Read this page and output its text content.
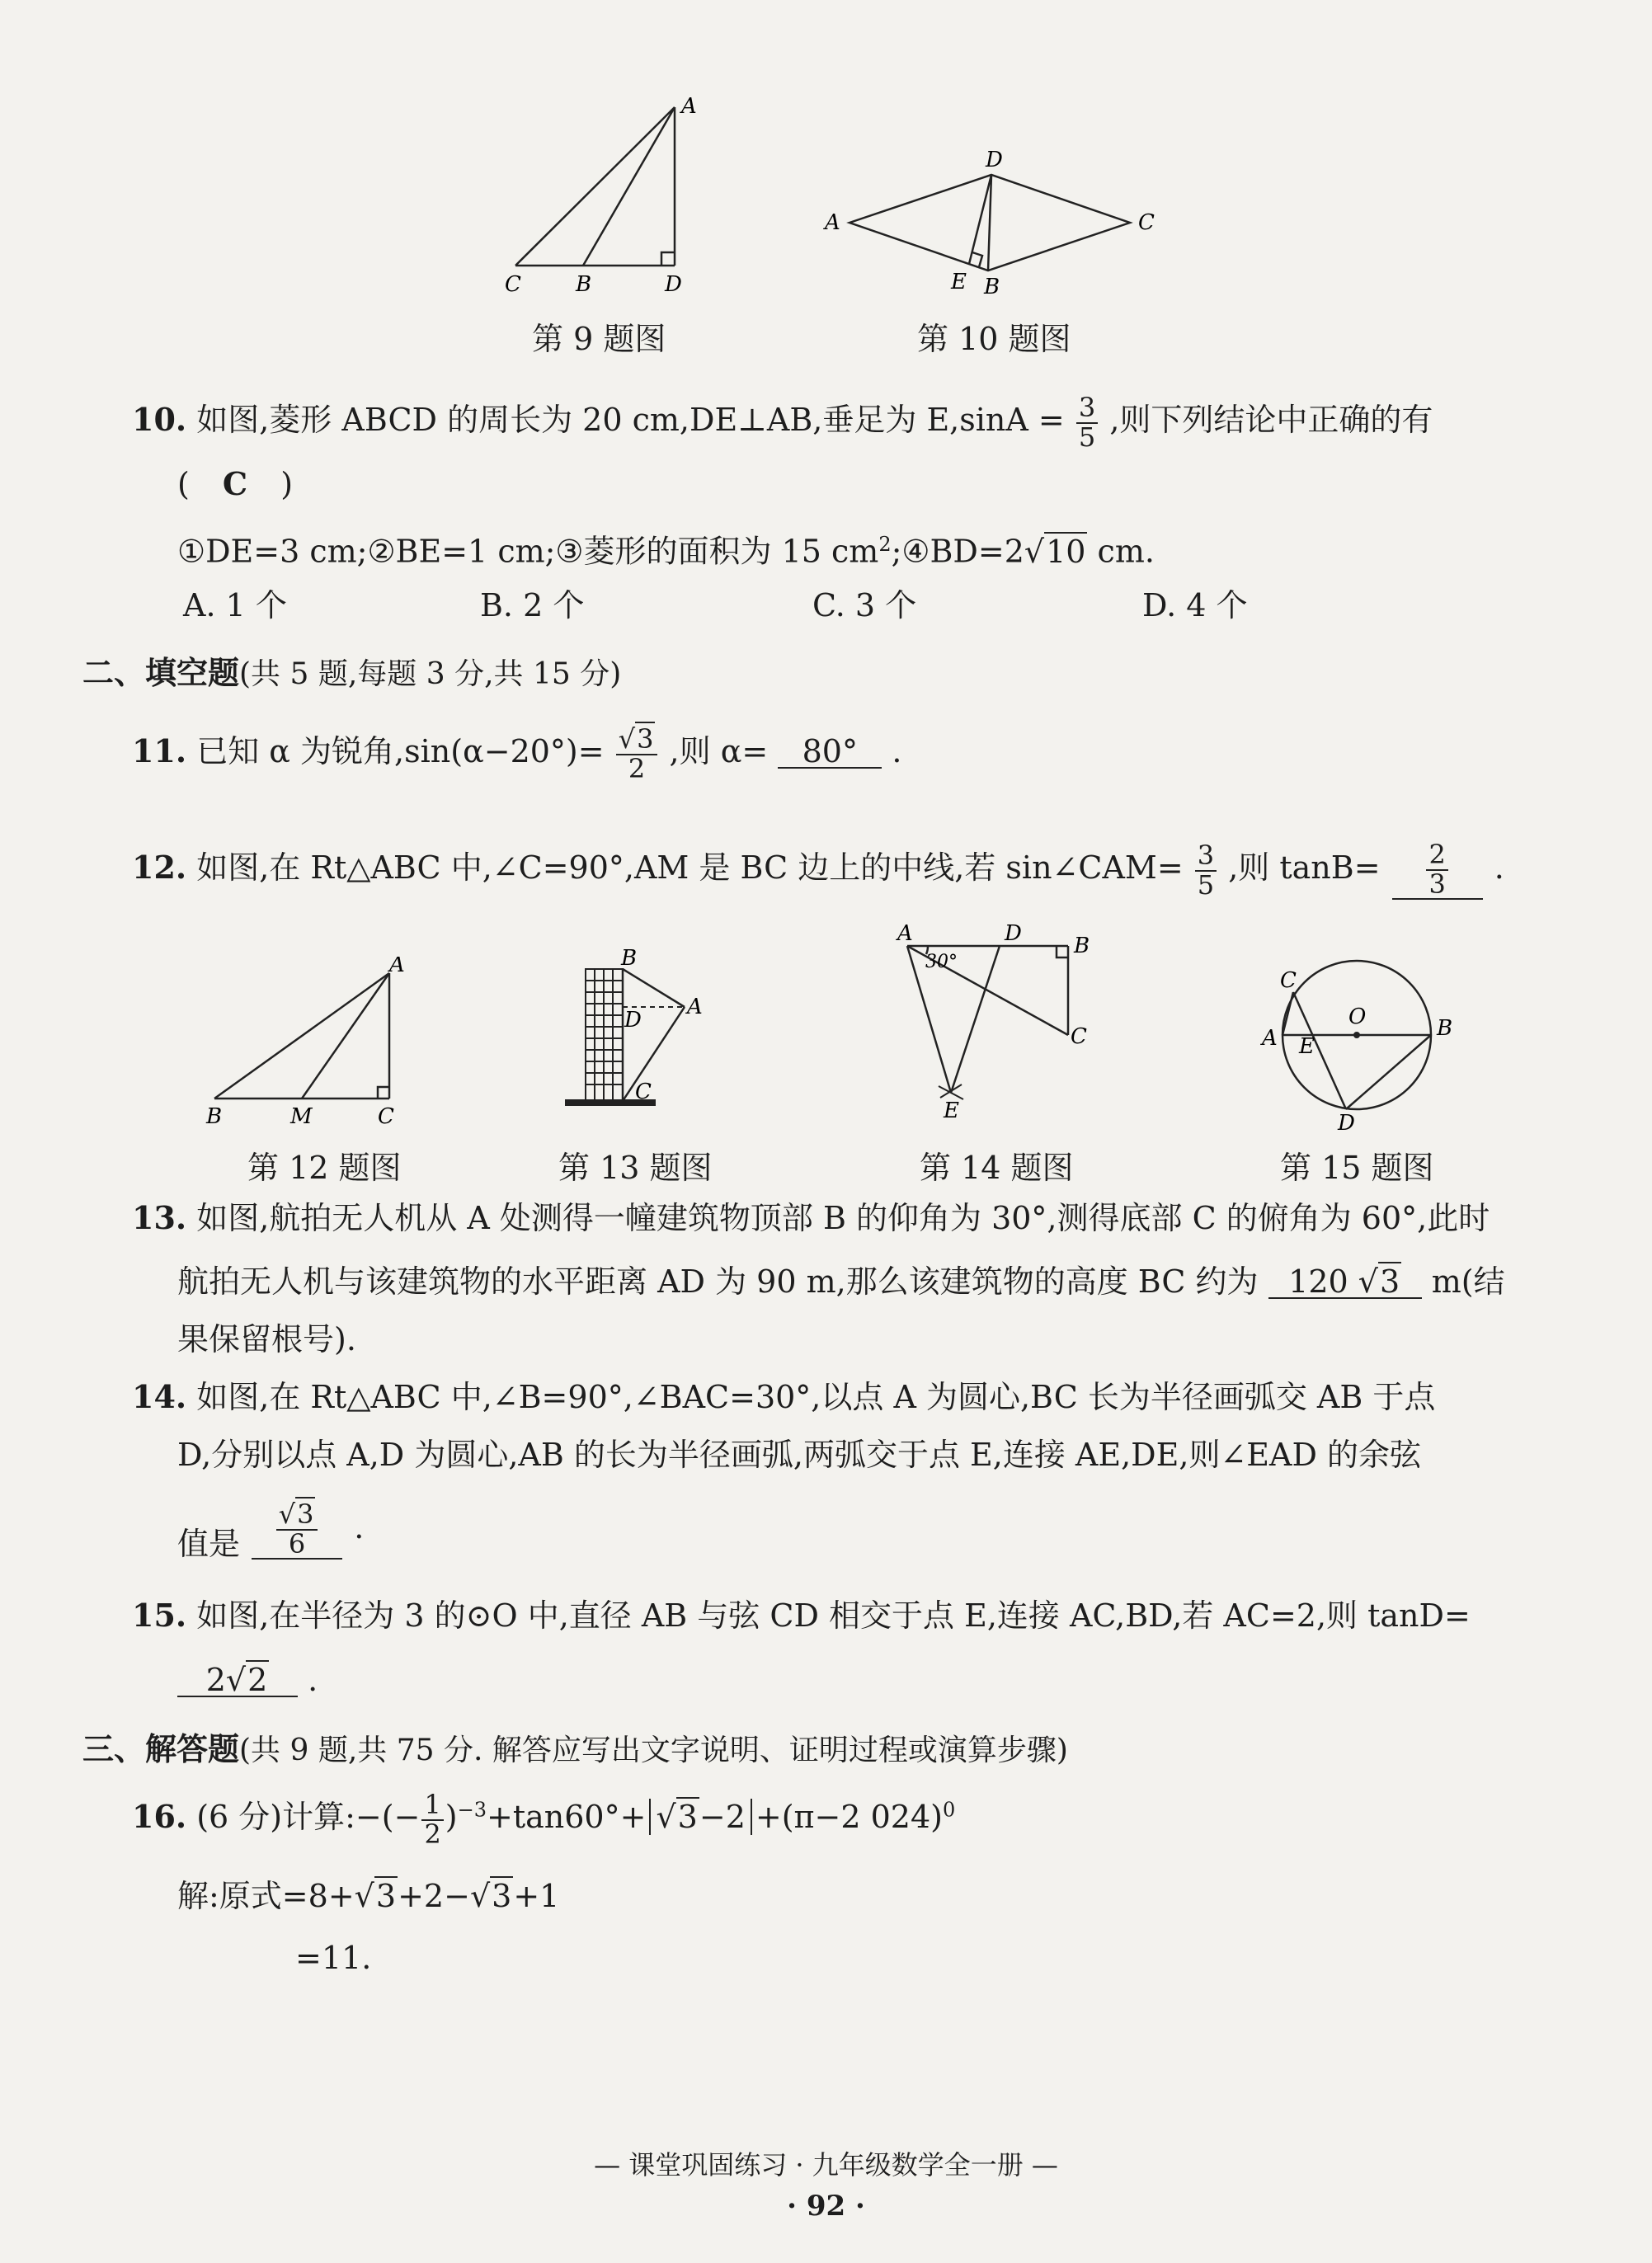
A
C	B	D
第 9 题图
A
D
C
E B
第 10 题图
10. 如图,菱形 ABCD 的周长为 20 cm,DE⊥AB,垂足为 $E,\sin A = \frac{3}{5}$ ,则下列结论中正确的有
( C )
①DE=3 cm;②BE=1 cm;③菱形的面积为 15 $cm^2;④BD=2√10$ cm.
A. 1 个	B. 2 个	C. 3 个	D. 4 个
二、填空题(共 5 题,每题 3 分,共 15 分)
11. 已知 α 为锐角$,\sin(\alpha-20^\circ)= \frac{√3}{2}$ ,则 α= 80° .
12. 如图,在 Rt△ABC 中,∠C=90°,AM 是 BC 边上的中线,若 sin∠CAM= $\frac{3}{5}$ ,则 $\tan B= \frac{2}{3}$ .
A
B	M	C
第 12 题图
B
D
A
C
第 13 题图
A
30°
D B
C
E
第 14 题图
C
O	B
A E
D
第 15 题图
13. 如图,航拍无人机从 A 处测得一幢建筑物顶部 B 的仰角为 30°,测得底部 C 的俯角为 60°,此时
航拍无人机与该建筑物的水平距离 AD 为 90 m,那么该建筑物的高度 BC 约为 120 √3 m(结
果保留根号).
14. 如图,在 Rt△ABC 中,∠B=90°,∠BAC=30°,以点 A 为圆心,BC 长为半径画弧交 AB 于点
D,分别以点 A,D 为圆心,AB 的长为半径画弧,两弧交于点 E,连接 AE,DE,则∠EAD 的余弦
值是 $\frac{√3}{6}$ .
15. 如图,在半径为 3 的⊙O 中,直径 AB 与弦 CD 相交于点 E,连接 AC,BD,若 AC=2,则 tanD=
2√2 .
三、解答题(共 9 题,共 75 分. 解答应写出文字说明、证明过程或演算步骤)
16. (6 分)计算:−(− $\frac{1}{2} )^{-3}+\tan 60^\circ+ √3-2 +(\pi-2$ 024)$^0$
解:原式=8+√3+2−√3+1
=11.
— 课堂巩固练习 · 九年级数学全一册 —
· 92 ·
